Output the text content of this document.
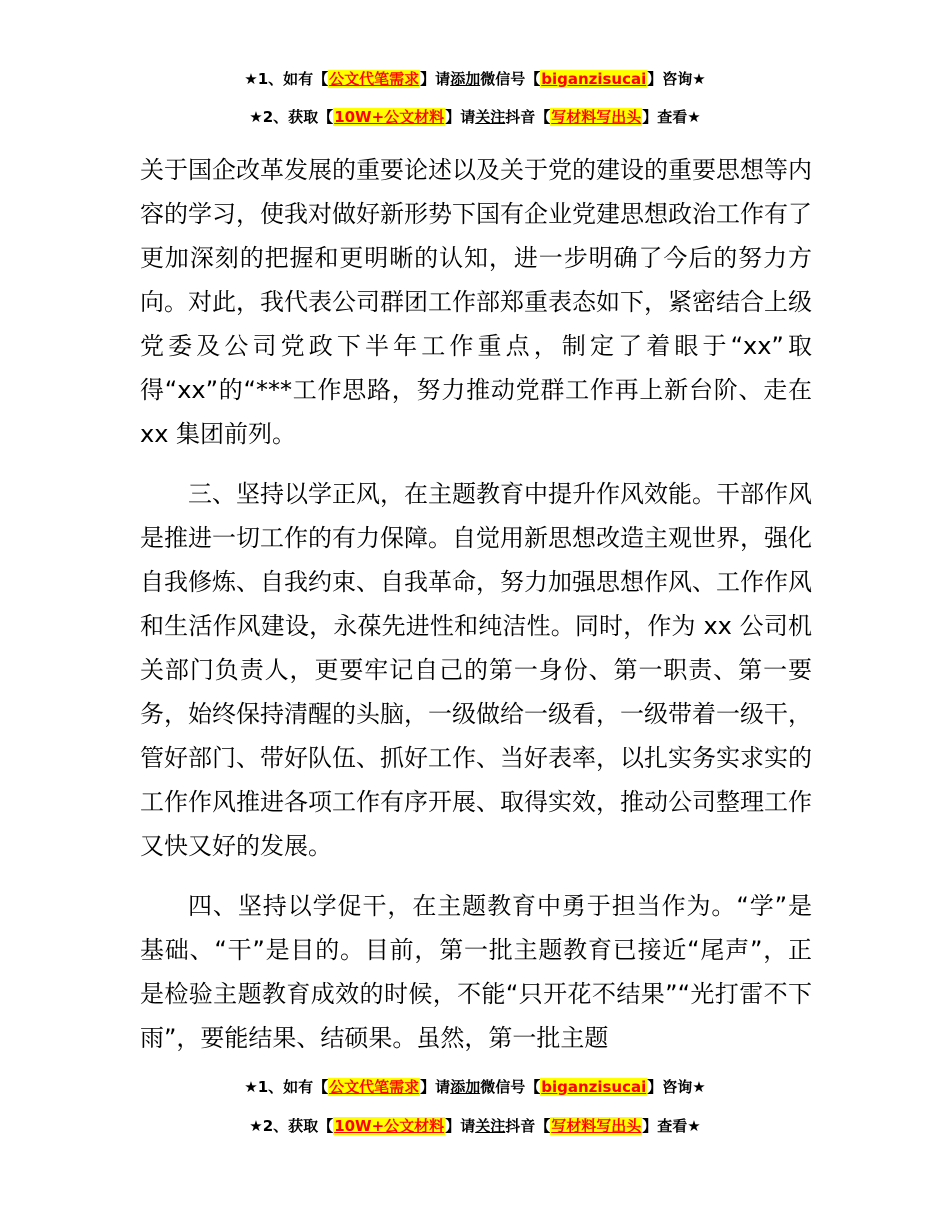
★1、如有【公文代笔需求】请添加微信号【biganzisucai】咨询★
★2、获取【10W+公文材料】请关注抖音【写材料写出头】查看★

关于国企改革发展的重要论述以及关于党的建设的重要思想等内容的学习，使我对做好新形势下国有企业党建思想政治工作有了更加深刻的把握和更明晰的认知，进一步明确了今后的努力方向。对此，我代表公司群团工作部郑重表态如下，紧密结合上级党委及公司党政下半年工作重点，制定了着眼于“xx”取得“xx”的“***工作思路，努力推动党群工作再上新台阶、走在 xx 集团前列。

三、坚持以学正风，在主题教育中提升作风效能。干部作风是推进一切工作的有力保障。自觉用新思想改造主观世界，强化自我修炼、自我约束、自我革命，努力加强思想作风、工作作风和生活作风建设，永葆先进性和纯洁性。同时，作为 xx 公司机关部门负责人，更要牢记自己的第一身份、第一职责、第一要务，始终保持清醒的头脑，一级做给一级看，一级带着一级干，管好部门、带好队伍、抓好工作、当好表率，以扎实务实求实的工作作风推进各项工作有序开展、取得实效，推动公司整理工作又快又好的发展。

四、坚持以学促干，在主题教育中勇于担当作为。“学”是基础、“干”是目的。目前，第一批主题教育已接近“尾声”，正是检验主题教育成效的时候，不能“只开花不结果”“光打雷不下雨”，要能结果、结硕果。虽然，第一批主题

★1、如有【公文代笔需求】请添加微信号【biganzisucai】咨询★
★2、获取【10W+公文材料】请关注抖音【写材料写出头】查看★
